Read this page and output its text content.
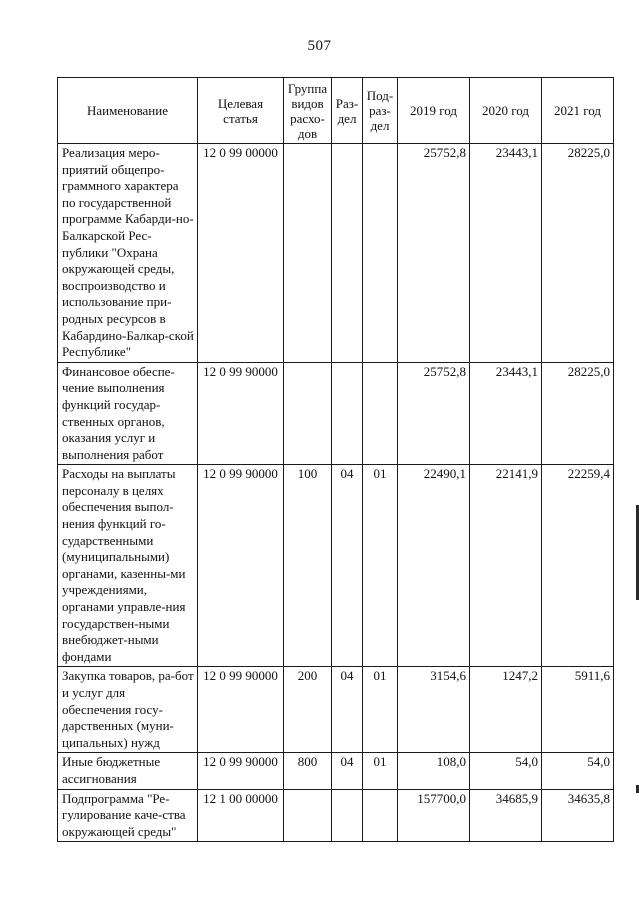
507
Наименование	Целевая статья	Группа видов расхо-дов	Раз-дел	Под-раз-дел	2019 год	2020 год	2021 год
Реализация меро-приятий общепро-граммного характера по государственной программе Кабарди-но-Балкарской Рес-публики "Охрана окружающей среды, воспроизводство и использование при-родных ресурсов в Кабардино-Балкар-ской Республике"	12 0 99 00000				25752,8	23443,1	28225,0
Финансовое обеспе-чение выполнения функций государ-ственных органов, оказания услуг и выполнения работ	12 0 99 90000				25752,8	23443,1	28225,0
Расходы на выплаты персоналу в целях обеспечения выпол-нения функций го-сударственными (муниципальными) органами, казенны-ми учреждениями, органами управле-ния государствен-ными внебюджет-ными фондами	12 0 99 90000	100	04	01	22490,1	22141,9	22259,4
Закупка товаров, ра-бот и услуг для обеспечения госу-дарственных (муни-ципальных) нужд	12 0 99 90000	200	04	01	3154,6	1247,2	5911,6
Иные бюджетные ассигнования	12 0 99 90000	800	04	01	108,0	54,0	54,0
Подпрограмма "Ре-гулирование каче-ства окружающей среды"	12 1 00 00000				157700,0	34685,9	34635,8
